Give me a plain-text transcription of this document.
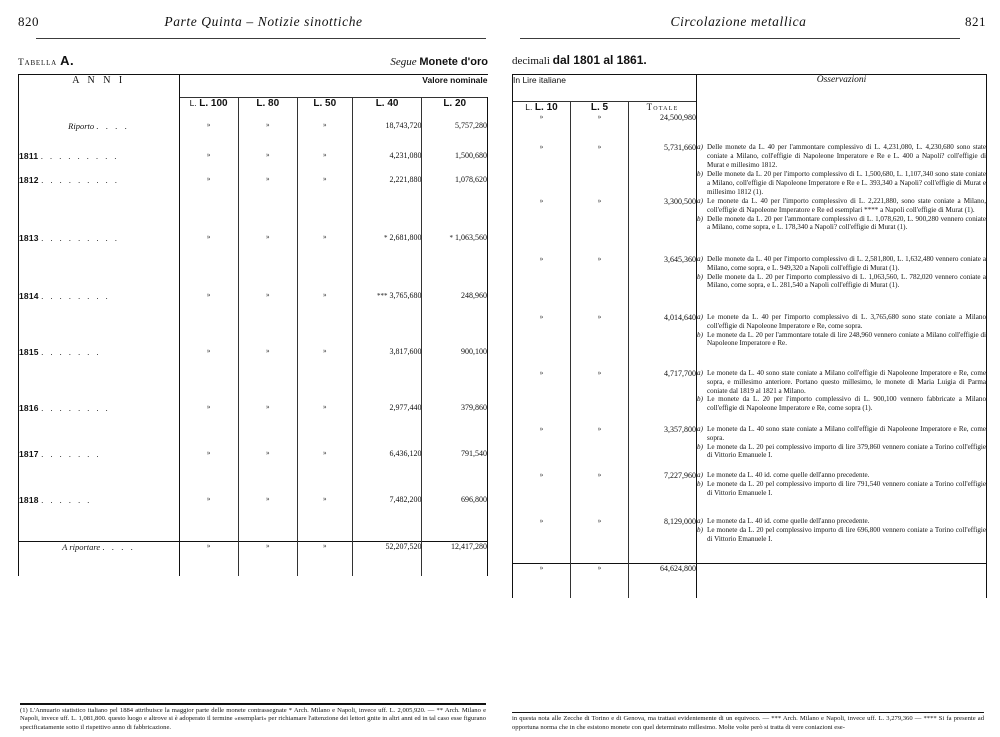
820	Parte Quinta – Notizie sinottiche
Tabella A.	Segue Monete d'oro
A N N I	Valore nominale				
	L. L. 100	L. 80	L. 50	L. 40	L. 20
Riporto . . . .	»	»	»	18,743,720	5,757,280
1811 . . . . . . . . .	»	»	»	4,231,080	1,500,680
1812 . . . . . . . . .	»	»	»	2,221,880	1,078,620
1813 . . . . . . . . .	»	»	»	* 2,681,800	* 1,063,560
1814 . . . . . . . .	»	»	»	*** 3,765,680	248,960
1815 . . . . . . .	»	»	»	3,817,600	900,100
1816 . . . . . . . .	»	»	»	2,977,440	379,860
1817 . . . . . . .	»	»	»	6,436,120	791,540
1818 . . . . . .	»	»	»	7,482,200	696,800
A riportare . . . .	»	»	»	52,207,520	12,417,280
(1) L'Annuario statistico italiano pel 1884 attribuisce la maggior parte delle monete contrassegnate * Arch. Milano e Napoli, invece uff. L. 2,005,920. — ** Arch. Milano e Napoli, invece uff. L. 1,081,800. questo luogo e altrove si è adoperato il termine «esemplari» per richiamare l'attenzione dei lettori gnite in altri anni ed in tal caso esse figurano specificatamente sotto il rispettivo anno di fabbricazione.
Circolazione metallica	821
decimali dal 1801 al 1861.
In Lire italiane			Osservazioni
L. L. 10	L. 5	Totale	
»	»	24,500,980	
»	»	5,731,660	a) Delle monete da L. 40 per l'ammontare complessivo di L. 4,231,080, L. 4,230,680 sono state coniate a Milano, coll'effigie di Napoleone Imperatore e Re e L. 400 a Napoli? coll'effigie di Murat e millesimo 1812.
b) Delle monete da L. 20 per l'importo complessivo di L. 1,500,680, L. 1,107,340 sono state coniate a Milano, coll'effigie di Napoleone Imperatore e Re e L. 393,340 a Napoli? coll'effigie di Murat e millesimo 1812 (1).

»	»	3,300,500	a) Le monete da L. 40 per l'importo complessivo di L. 2,221,880, sono state coniate a Milano, coll'effigie di Napoleone Imperatore e Re ed esemplari **** a Napoli coll'effigie di Murat (1).
b) Delle monete da L. 20 per l'ammontare complessivo di L. 1,078,620, L. 900,280 vennero coniate a Milano, come sopra, e L. 178,340 a Napoli? coll'effigie di Murat (1).

»	»	3,645,360	a) Delle monete da L. 40 per l'importo complessivo di L. 2,581,800, L. 1,632,480 vennero coniate a Milano, come sopra, e L. 949,320 a Napoli coll'effigie di Murat (1).
b) Delle monete da L. 20 per l'importo complessivo di L. 1,063,560, L. 782,020 vennero coniate a Milano, come sopra, e L. 281,540 a Napoli coll'effigie di Murat (1).

»	»	4,014,640	a) Le monete da L. 40 per l'importo complessivo di L. 3,765,680 sono state coniate a Milano coll'effigie di Napoleone Imperatore e Re, come sopra.
b) Le monete da L. 20 per l'ammontare totale di lire 248,960 vennero coniate a Milano coll'effigie di Napoleone Imperatore e Re.

»	»	4,717,700	a) Le monete da L. 40 sono state coniate a Milano coll'effigie di Napoleone Imperatore e Re, come sopra, e millesimo anteriore. Portano questo millesimo, le monete di Maria Luigia di Parma coniate dal 1819 al 1821 a Milano.
b) Le monete da L. 20 per l'importo complessivo di L. 900,100 vennero fabbricate a Milano coll'effigie di Napoleone Imperatore e Re, come sopra (1).

»	»	3,357,800	a) Le monete da L. 40 sono state coniate a Milano coll'effigie di Napoleone Imperatore e Re, come sopra.
b) Le monete da L. 20 pei complessivo importo di lire 379,860 vennero coniate a Torino coll'effigie di Vittorio Emanuele I.

»	»	7,227,960	a) Le monete da L. 40 id. come quelle dell'anno precedente.
b) Le monete da L. 20 pel complessivo importo di lire 791,540 vennero coniate a Torino coll'effigie di Vittorio Emanuele I.

»	»	8,129,000	a) Le monete da L. 40 id. come quelle dell'anno precedente.
b) Le monete da L. 20 pel complessivo importo di lire 696,800 vennero coniate a Torino coll'effigie di Vittorio Emanuele I.

»	»	64,624,800	
in questa nota alle Zecche di Torino e di Genova, ma trattasi evidentemente di un equivoco. — *** Arch. Milano e Napoli, invece uff. L. 3,279,360 — **** Si fa presente ad opportuna norma che in che esistono monete con quel determinato millesimo. Molte volte però si tratta di vere coniazioni ese-
